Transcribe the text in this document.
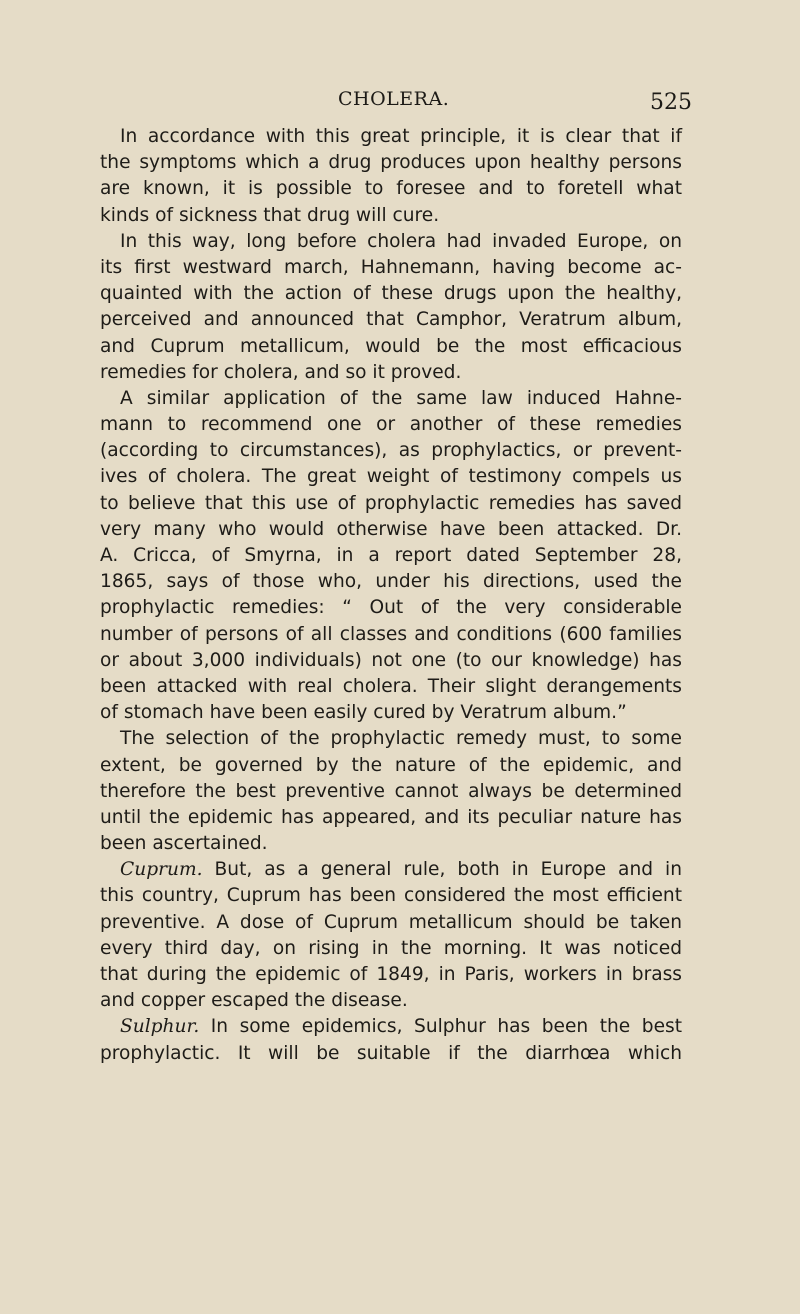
CHOLERA.	525
In accordance with this great principle, it is clear that if
the symptoms which a drug produces upon healthy persons
are known, it is possible to foresee and to foretell what
kinds of sickness that drug will cure.
In this way, long before cholera had invaded Europe, on
its first westward march, Hahnemann, having become ac-
quainted with the action of these drugs upon the healthy,
perceived and announced that Camphor, Veratrum album,
and Cuprum metallicum, would be the most efficacious
remedies for cholera, and so it proved.
A similar application of the same law induced Hahne-
mann to recommend one or another of these remedies
(according to circumstances), as prophylactics, or prevent-
ives of cholera. The great weight of testimony compels us
to believe that this use of prophylactic remedies has saved
very many who would otherwise have been attacked. Dr.
A. Cricca, of Smyrna, in a report dated September 28,
1865, says of those who, under his directions, used the
prophylactic remedies: “ Out of the very considerable
number of persons of all classes and conditions (600 families
or about 3,000 individuals) not one (to our knowledge) has
been attacked with real cholera. Their slight derangements
of stomach have been easily cured by Veratrum album.”
The selection of the prophylactic remedy must, to some
extent, be governed by the nature of the epidemic, and
therefore the best preventive cannot always be determined
until the epidemic has appeared, and its peculiar nature has
been ascertained.
Cuprum. But, as a general rule, both in Europe and in
this country, Cuprum has been considered the most efficient
preventive. A dose of Cuprum metallicum should be taken
every third day, on rising in the morning. It was noticed
that during the epidemic of 1849, in Paris, workers in brass
and copper escaped the disease.
Sulphur. In some epidemics, Sulphur has been the best
prophylactic. It will be suitable if the diarrhœa which
